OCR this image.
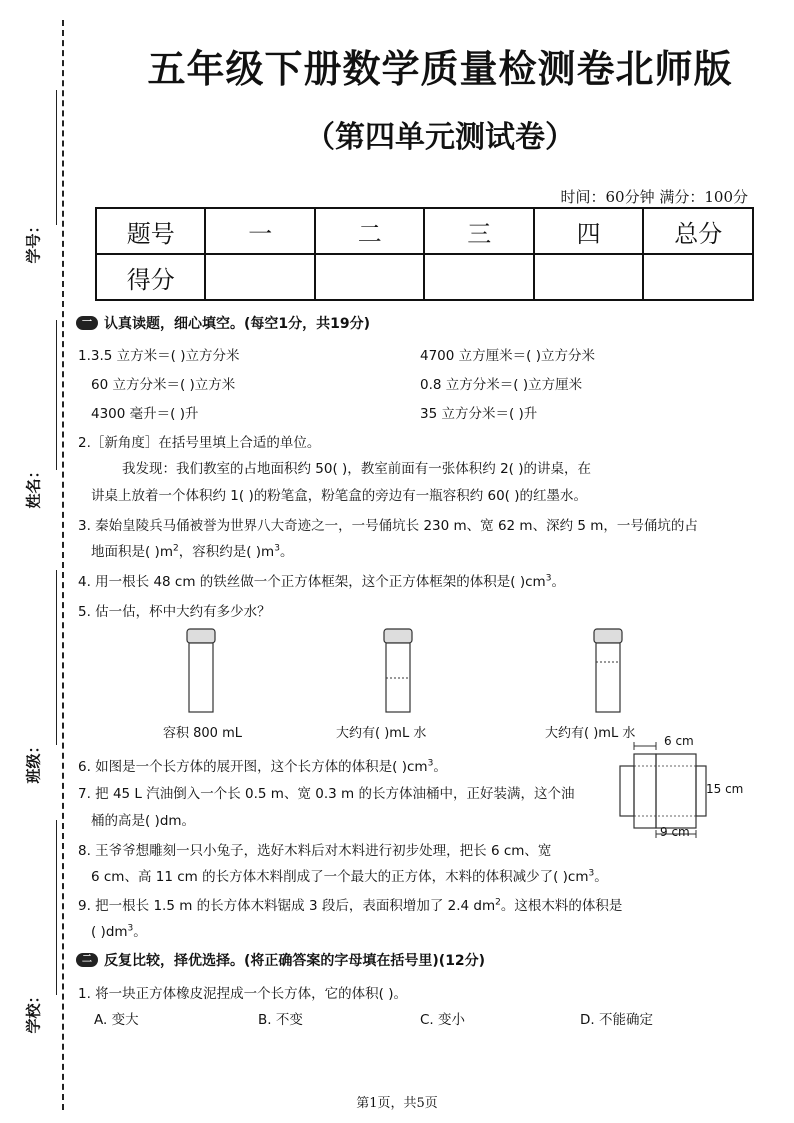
学号：
姓名：
班级：
学校：
五年级下册数学质量检测卷北师版
（第四单元测试卷）
时间：60分钟 满分：100分
题号	一	二	三	四	总分
得分					
一 认真读题，细心填空。(每空1分，共19分)
1.3.5 立方米＝( )立方分米	4700 立方厘米＝( )立方分米
60 立方分米＝( )立方米	0.8 立方分米＝( )立方厘米
4300 毫升＝( )升	35 立方分米＝( )升
2.［新角度］在括号里填上合适的单位。
我发现：我们教室的占地面积约 50( )，教室前面有一张体积约 2( )的讲桌，在
讲桌上放着一个体积约 1( )的粉笔盒，粉笔盒的旁边有一瓶容积约 60( )的红墨水。
3. 秦始皇陵兵马俑被誉为世界八大奇迹之一，一号俑坑长 230 m、宽 62 m、深约 5 m，一号俑坑的占
地面积是( )$m^2$，容积约是( )$m^3$。
4. 用一根长 48 cm 的铁丝做一个正方体框架，这个正方体框架的体积是( )$cm^3$。
5. 估一估，杯中大约有多少水？
容积 800 mL	大约有( )mL 水	大约有( )mL 水
6. 如图是一个长方体的展开图，这个长方体的体积是( )$cm^3$。
6 cm
15 cm
9 cm
7. 把 45 L 汽油倒入一个长 0.5 m、宽 0.3 m 的长方体油桶中，正好装满，这个油
桶的高是( )dm。
8. 王爷爷想雕刻一只小兔子，选好木料后对木料进行初步处理，把长 6 cm、宽
6 cm、高 11 cm 的长方体木料削成了一个最大的正方体，木料的体积减少了( )$cm^3$。
9. 把一根长 1.5 m 的长方体木料锯成 3 段后，表面积增加了 2.4 $dm^2$。这根木料的体积是
( )$dm^3$。
二 反复比较，择优选择。(将正确答案的字母填在括号里)(12分)
1. 将一块正方体橡皮泥捏成一个长方体，它的体积( )。
A. 变大	B. 不变	C. 变小	D. 不能确定
第1页，共5页
